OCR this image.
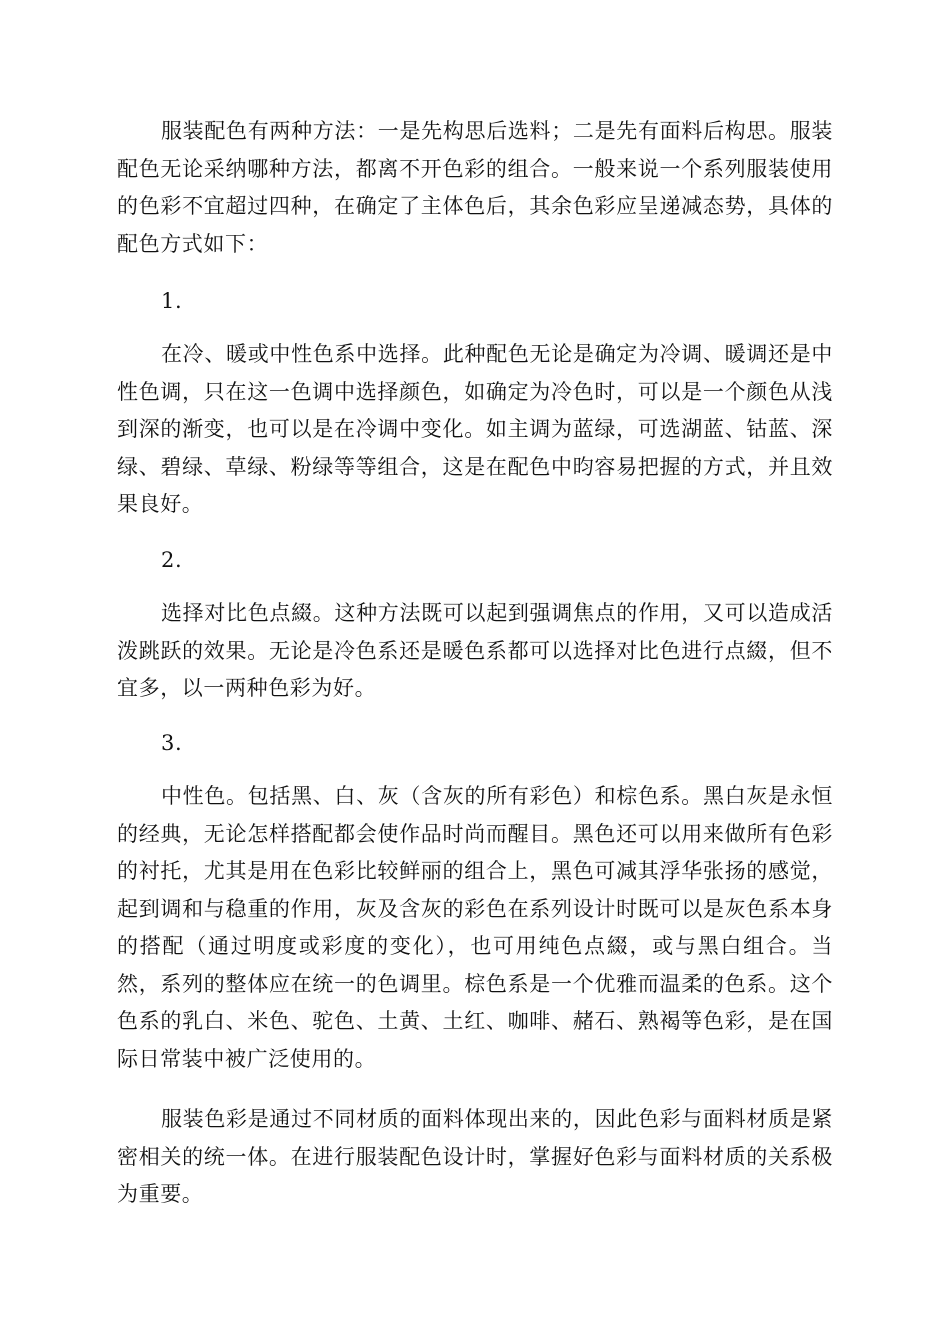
服装配色有两种方法：一是先构思后选料；二是先有面料后构思。服装配色无论采纳哪种方法，都离不开色彩的组合。一般来说一个系列服装使用的色彩不宜超过四种，在确定了主体色后，其余色彩应呈递减态势，具体的配色方式如下：

1.

在冷、暖或中性色系中选择。此种配色无论是确定为冷调、暖调还是中性色调，只在这一色调中选择颜色，如确定为冷色时，可以是一个颜色从浅到深的渐变，也可以是在冷调中变化。如主调为蓝绿，可选湖蓝、钴蓝、深绿、碧绿、草绿、粉绿等等组合，这是在配色中昀容易把握的方式，并且效果良好。

2.

选择对比色点綴。这种方法既可以起到强调焦点的作用，又可以造成活泼跳跃的效果。无论是冷色系还是暖色系都可以选择对比色进行点綴，但不宜多，以一两种色彩为好。

3.

中性色。包括黑、白、灰（含灰的所有彩色）和棕色系。黑白灰是永恒的经典，无论怎样搭配都会使作品时尚而醒目。黑色还可以用来做所有色彩的衬托，尤其是用在色彩比较鲜丽的组合上，黑色可减其浮华张扬的感觉，起到调和与稳重的作用，灰及含灰的彩色在系列设计时既可以是灰色系本身的搭配（通过明度或彩度的变化），也可用纯色点綴，或与黑白组合。当然，系列的整体应在统一的色调里。棕色系是一个优雅而温柔的色系。这个色系的乳白、米色、驼色、土黄、土红、咖啡、赭石、熟褐等色彩，是在国际日常装中被广泛使用的。

服装色彩是通过不同材质的面料体现出来的，因此色彩与面料材质是紧密相关的统一体。在进行服装配色设计时，掌握好色彩与面料材质的关系极为重要。
